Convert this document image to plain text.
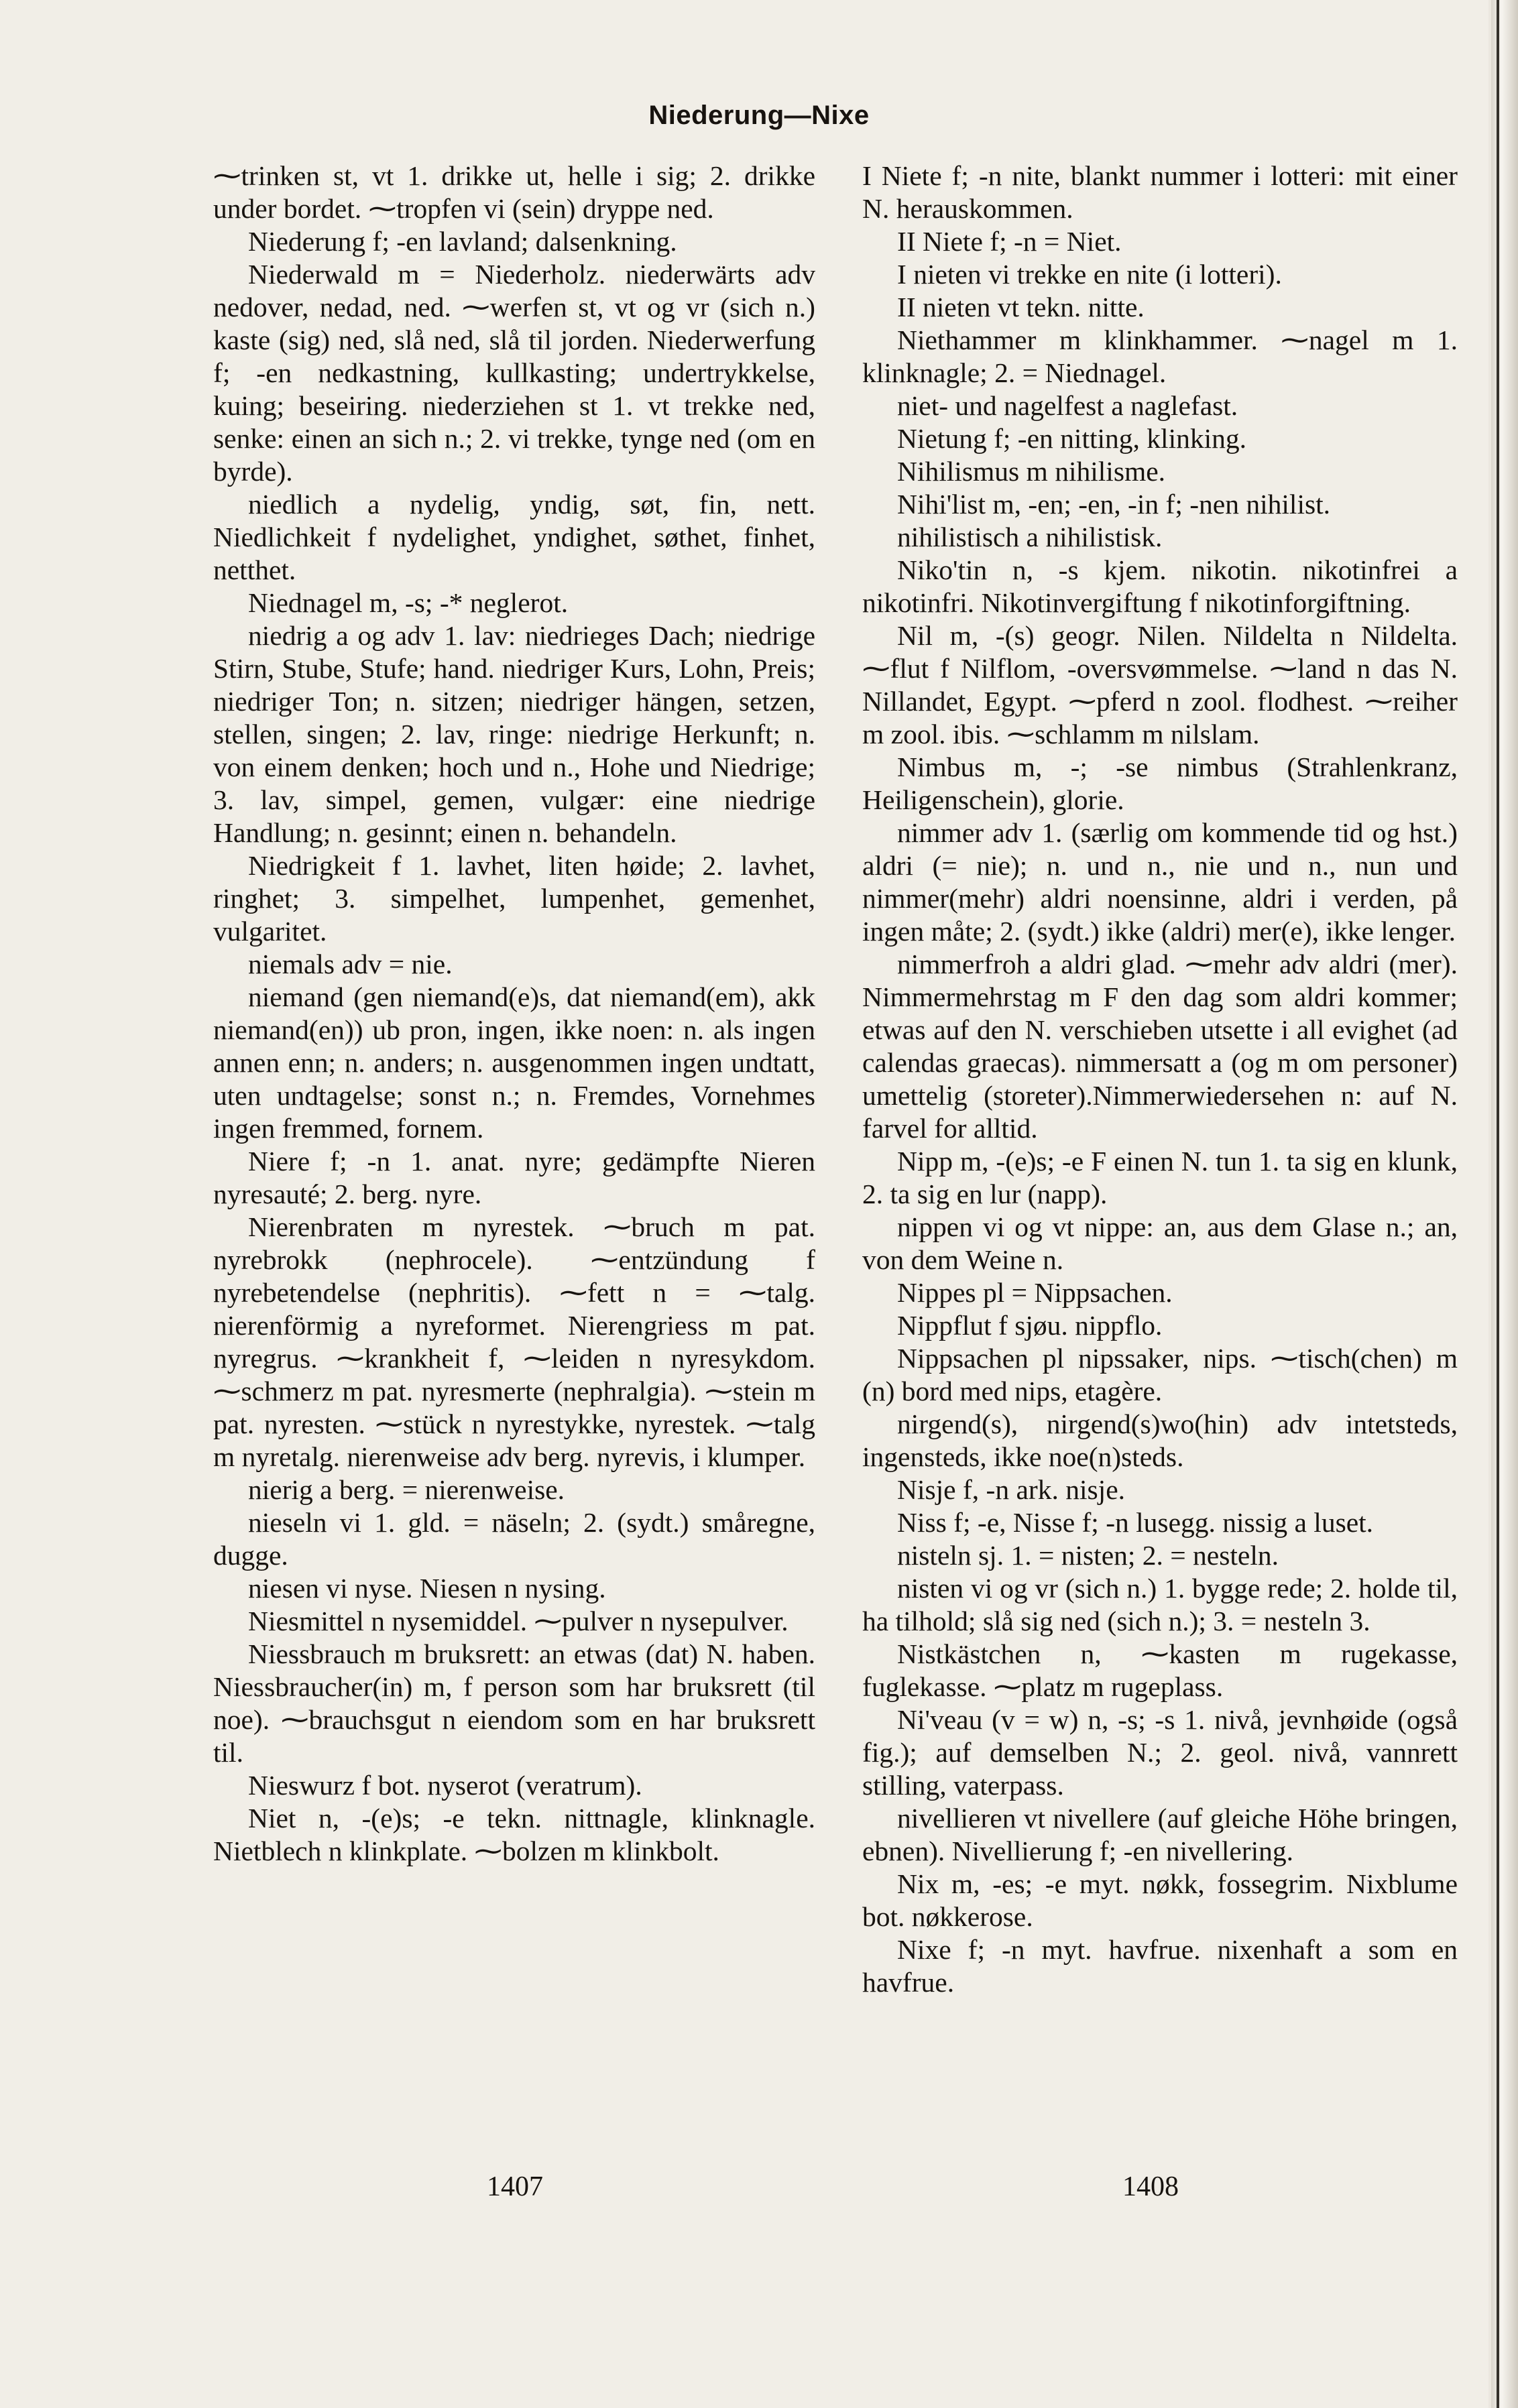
Niederung—Nixe

⁓trinken st, vt 1. drikke ut, helle i sig; 2. drikke under bordet. ⁓tropfen vi (sein) dryppe ned.

Niederung f; -en lavland; dalsenkning.

Niederwald m = Niederholz. niederwärts adv nedover, nedad, ned. ⁓werfen st, vt og vr (sich n.) kaste (sig) ned, slå ned, slå til jorden. Niederwerfung f; -en nedkastning, kullkasting; undertrykkelse, kuing; beseiring. niederziehen st 1. vt trekke ned, senke: einen an sich n.; 2. vi trekke, tynge ned (om en byrde).

niedlich a nydelig, yndig, søt, fin, nett. Niedlichkeit f nydelighet, yndighet, søthet, finhet, netthet.

Niednagel m, -s; -* neglerot.

niedrig a og adv 1. lav: niedrieges Dach; niedrige Stirn, Stube, Stufe; hand. niedriger Kurs, Lohn, Preis; niedriger Ton; n. sitzen; niedriger hängen, setzen, stellen, singen; 2. lav, ringe: niedrige Herkunft; n. von einem denken; hoch und n., Hohe und Niedrige; 3. lav, simpel, gemen, vulgær: eine niedrige Handlung; n. gesinnt; einen n. behandeln.

Niedrigkeit f 1. lavhet, liten høide; 2. lavhet, ringhet; 3. simpelhet, lumpenhet, gemenhet, vulgaritet.

niemals adv = nie.

niemand (gen niemand(e)s, dat niemand(em), akk niemand(en)) ub pron, ingen, ikke noen: n. als ingen annen enn; n. anders; n. ausgenommen ingen undtatt, uten undtagelse; sonst n.; n. Fremdes, Vornehmes ingen fremmed, fornem.

Niere f; -n 1. anat. nyre; gedämpfte Nieren nyresauté; 2. berg. nyre.

Nierenbraten m nyrestek. ⁓bruch m pat. nyrebrokk (nephrocele). ⁓entzündung f nyrebetendelse (nephritis). ⁓fett n = ⁓talg. nierenförmig a nyreformet. Nierengriess m pat. nyregrus. ⁓krankheit f, ⁓leiden n nyresykdom. ⁓schmerz m pat. nyresmerte (nephralgia). ⁓stein m pat. nyresten. ⁓stück n nyrestykke, nyrestek. ⁓talg m nyretalg. nierenweise adv berg. nyrevis, i klumper.

nierig a berg. = nierenweise.

nieseln vi 1. gld. = näseln; 2. (sydt.) småregne, dugge.

niesen vi nyse. Niesen n nysing.

Niesmittel n nysemiddel. ⁓pulver n nysepulver.

Niessbrauch m bruksrett: an etwas (dat) N. haben. Niessbraucher(in) m, f person som har bruksrett (til noe). ⁓brauchsgut n eiendom som en har bruksrett til.

Nieswurz f bot. nyserot (veratrum).

Niet n, -(e)s; -e tekn. nittnagle, klinknagle. Nietblech n klinkplate. ⁓bolzen m klinkbolt.

I Niete f; -n nite, blankt nummer i lotteri: mit einer N. herauskommen.

II Niete f; -n = Niet.

I nieten vi trekke en nite (i lotteri).

II nieten vt tekn. nitte.

Niethammer m klinkhammer. ⁓nagel m 1. klinknagle; 2. = Niednagel.

niet- und nagelfest a naglefast.

Nietung f; -en nitting, klinking.

Nihilismus m nihilisme.

Nihi'list m, -en; -en, -in f; -nen nihilist.

nihilistisch a nihilistisk.

Niko'tin n, -s kjem. nikotin. nikotinfrei a nikotinfri. Nikotinvergiftung f nikotinforgiftning.

Nil m, -(s) geogr. Nilen. Nildelta n Nildelta. ⁓flut f Nilflom, -oversvømmelse. ⁓land n das N. Nillandet, Egypt. ⁓pferd n zool. flodhest. ⁓reiher m zool. ibis. ⁓schlamm m nilslam.

Nimbus m, -; -se nimbus (Strahlenkranz, Heiligenschein), glorie.

nimmer adv 1. (særlig om kommende tid og hst.) aldri (= nie); n. und n., nie und n., nun und nimmer(mehr) aldri noensinne, aldri i verden, på ingen måte; 2. (sydt.) ikke (aldri) mer(e), ikke lenger.

nimmerfroh a aldri glad. ⁓mehr adv aldri (mer). Nimmermehrstag m F den dag som aldri kommer; etwas auf den N. verschieben utsette i all evighet (ad calendas graecas). nimmersatt a (og m om personer) umettelig (storeter).Nimmerwiedersehen n: auf N. farvel for alltid.

Nipp m, -(e)s; -e F einen N. tun 1. ta sig en klunk, 2. ta sig en lur (napp).

nippen vi og vt nippe: an, aus dem Glase n.; an, von dem Weine n.

Nippes pl = Nippsachen.

Nippflut f sjøu. nippflo.

Nippsachen pl nipssaker, nips. ⁓tisch(chen) m (n) bord med nips, etagère.

nirgend(s), nirgend(s)wo(hin) adv intetsteds, ingensteds, ikke noe(n)steds.

Nisje f, -n ark. nisje.

Niss f; -e, Nisse f; -n lusegg. nissig a luset.

nisteln sj. 1. = nisten; 2. = nesteln.

nisten vi og vr (sich n.) 1. bygge rede; 2. holde til, ha tilhold; slå sig ned (sich n.); 3. = nesteln 3.

Nistkästchen n, ⁓kasten m rugekasse, fuglekasse. ⁓platz m rugeplass.

Ni'veau (v = w) n, -s; -s 1. nivå, jevnhøide (også fig.); auf demselben N.; 2. geol. nivå, vannrett stilling, vaterpass.

nivellieren vt nivellere (auf gleiche Höhe bringen, ebnen). Nivellierung f; -en nivellering.

Nix m, -es; -e myt. nøkk, fossegrim. Nixblume bot. nøkkerose.

Nixe f; -n myt. havfrue. nixenhaft a som en havfrue.

1407	1408
